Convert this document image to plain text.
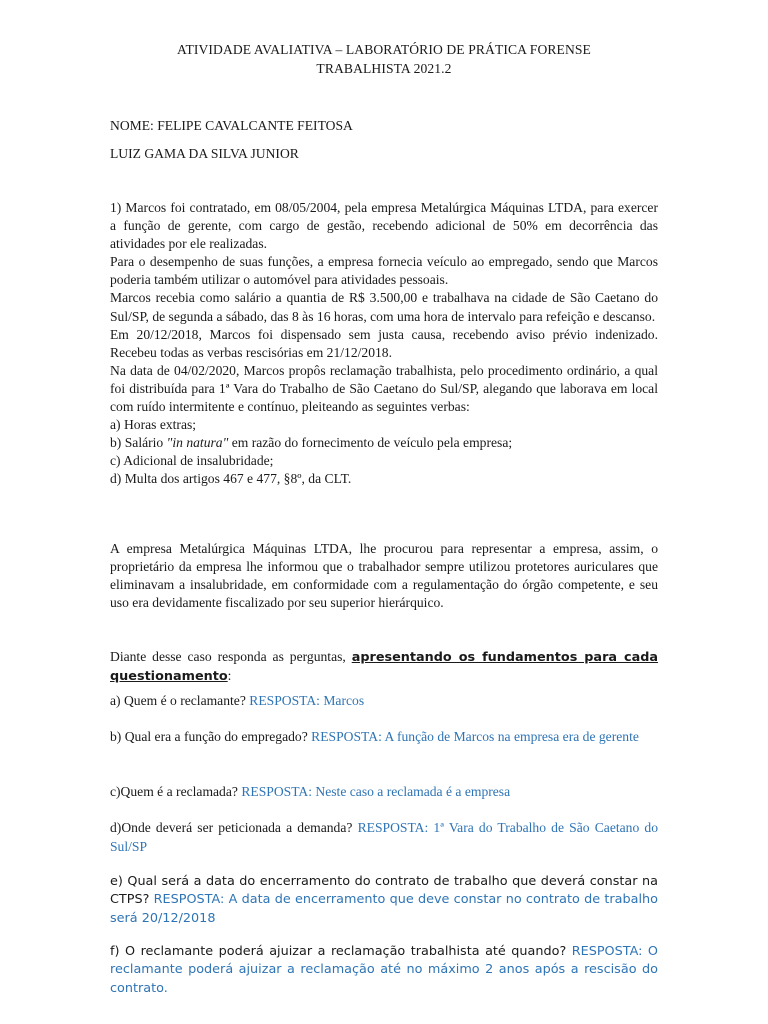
ATIVIDADE AVALIATIVA – LABORATÓRIO DE PRÁTICA FORENSE
TRABALHISTA 2021.2
NOME: FELIPE CAVALCANTE FEITOSA
LUIZ GAMA DA SILVA JUNIOR

1) Marcos foi contratado, em 08/05/2004, pela empresa Metalúrgica Máquinas LTDA, para exercer a função de gerente, com cargo de gestão, recebendo adicional de 50% em decorrência das atividades por ele realizadas.

Para o desempenho de suas funções, a empresa fornecia veículo ao empregado, sendo que Marcos poderia também utilizar o automóvel para atividades pessoais.

Marcos recebia como salário a quantia de R$ 3.500,00 e trabalhava na cidade de São Caetano do Sul/SP, de segunda a sábado, das 8 às 16 horas, com uma hora de intervalo para refeição e descanso.

Em 20/12/2018, Marcos foi dispensado sem justa causa, recebendo aviso prévio indenizado. Recebeu todas as verbas rescisórias em 21/12/2018.

Na data de 04/02/2020, Marcos propôs reclamação trabalhista, pelo procedimento ordinário, a qual foi distribuída para 1ª Vara do Trabalho de São Caetano do Sul/SP, alegando que laborava em local com ruído intermitente e contínuo, pleiteando as seguintes verbas:

a) Horas extras;

b) Salário "in natura" em razão do fornecimento de veículo pela empresa;

c) Adicional de insalubridade;

d) Multa dos artigos 467 e 477, §8º, da CLT.

A empresa Metalúrgica Máquinas LTDA, lhe procurou para representar a empresa, assim, o proprietário da empresa lhe informou que o trabalhador sempre utilizou protetores auriculares que eliminavam a insalubridade, em conformidade com a regulamentação do órgão competente, e seu uso era devidamente fiscalizado por seu superior hierárquico.
Diante desse caso responda as perguntas, apresentando os fundamentos para cada questionamento:
a) Quem é o reclamante? RESPOSTA: Marcos
b) Qual era a função do empregado? RESPOSTA: A função de Marcos na empresa era de gerente
c)Quem é a reclamada? RESPOSTA: Neste caso a reclamada é a empresa
d)Onde deverá ser peticionada a demanda? RESPOSTA: 1ª Vara do Trabalho de São Caetano do Sul/SP
e) Qual será a data do encerramento do contrato de trabalho que deverá constar na CTPS? RESPOSTA: A data de encerramento que deve constar no contrato de trabalho será 20/12/2018
f) O reclamante poderá ajuizar a reclamação trabalhista até quando? RESPOSTA: O reclamante poderá ajuizar a reclamação até no máximo 2 anos após a rescisão do contrato.
